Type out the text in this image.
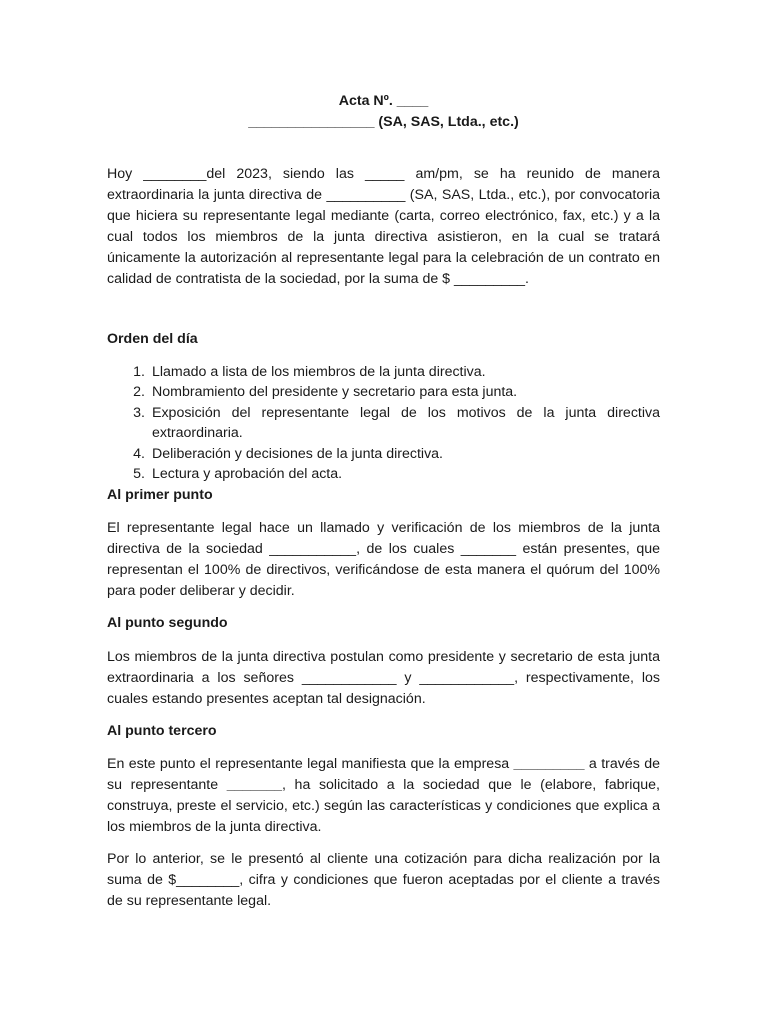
Acta Nº. ____
________________ (SA, SAS, Ltda., etc.)

Hoy ________del 2023, siendo las _____ am/pm, se ha reunido de manera extraordinaria la junta directiva de __________ (SA, SAS, Ltda., etc.), por convocatoria que hiciera su representante legal mediante (carta, correo electrónico, fax, etc.) y a la cual todos los miembros de la junta directiva asistieron, en la cual se tratará únicamente la autorización al representante legal para la celebración de un contrato en calidad de contratista de la sociedad, por la suma de $ _________.

Orden del día

1. Llamado a lista de los miembros de la junta directiva.
2. Nombramiento del presidente y secretario para esta junta.
3. Exposición del representante legal de los motivos de la junta directiva extraordinaria.
4. Deliberación y decisiones de la junta directiva.
5. Lectura y aprobación del acta.

Al primer punto

El representante legal hace un llamado y verificación de los miembros de la junta directiva de la sociedad ___________, de los cuales _______ están presentes, que representan el 100% de directivos, verificándose de esta manera el quórum del 100% para poder deliberar y decidir.

Al punto segundo

Los miembros de la junta directiva postulan como presidente y secretario de esta junta extraordinaria a los señores ____________ y ____________, respectivamente, los cuales estando presentes aceptan tal designación.

Al punto tercero

En este punto el representante legal manifiesta que la empresa _________ a través de su representante _______, ha solicitado a la sociedad que le (elabore, fabrique, construya, preste el servicio, etc.) según las características y condiciones que explica a los miembros de la junta directiva.

Por lo anterior, se le presentó al cliente una cotización para dicha realización por la suma de $________, cifra y condiciones que fueron aceptadas por el cliente a través de su representante legal.
